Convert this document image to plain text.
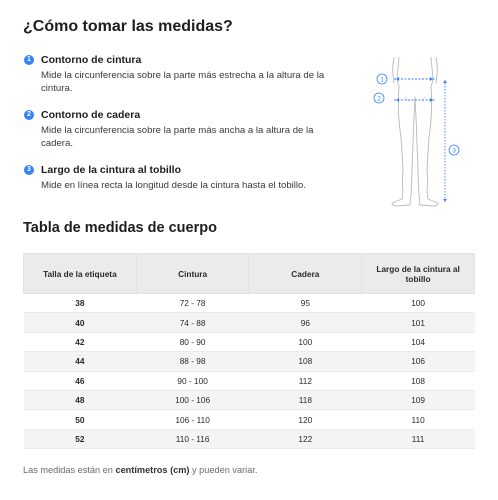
¿Cómo tomar las medidas?
1 Contorno de cintura
Mide la circunferencia sobre la parte más estrecha a la altura de la cintura.
2 Contorno de cadera
Mide la circunferencia sobre la parte más ancha a la altura de la cadera.
3 Largo de la cintura al tobillo
Mide en línea recta la longitud desde la cintura hasta el tobillo.
1
2
3
Tabla de medidas de cuerpo
Talla de la etiqueta	Cintura	Cadera	Largo de la cintura al tobillo
38	72 - 78	95	100
40	74 - 88	96	101
42	80 - 90	100	104
44	88 - 98	108	106
46	90 - 100	112	108
48	100 - 106	118	109
50	106 - 110	120	110
52	110 - 116	122	111
Las medidas están en centímetros (cm) y pueden variar.
